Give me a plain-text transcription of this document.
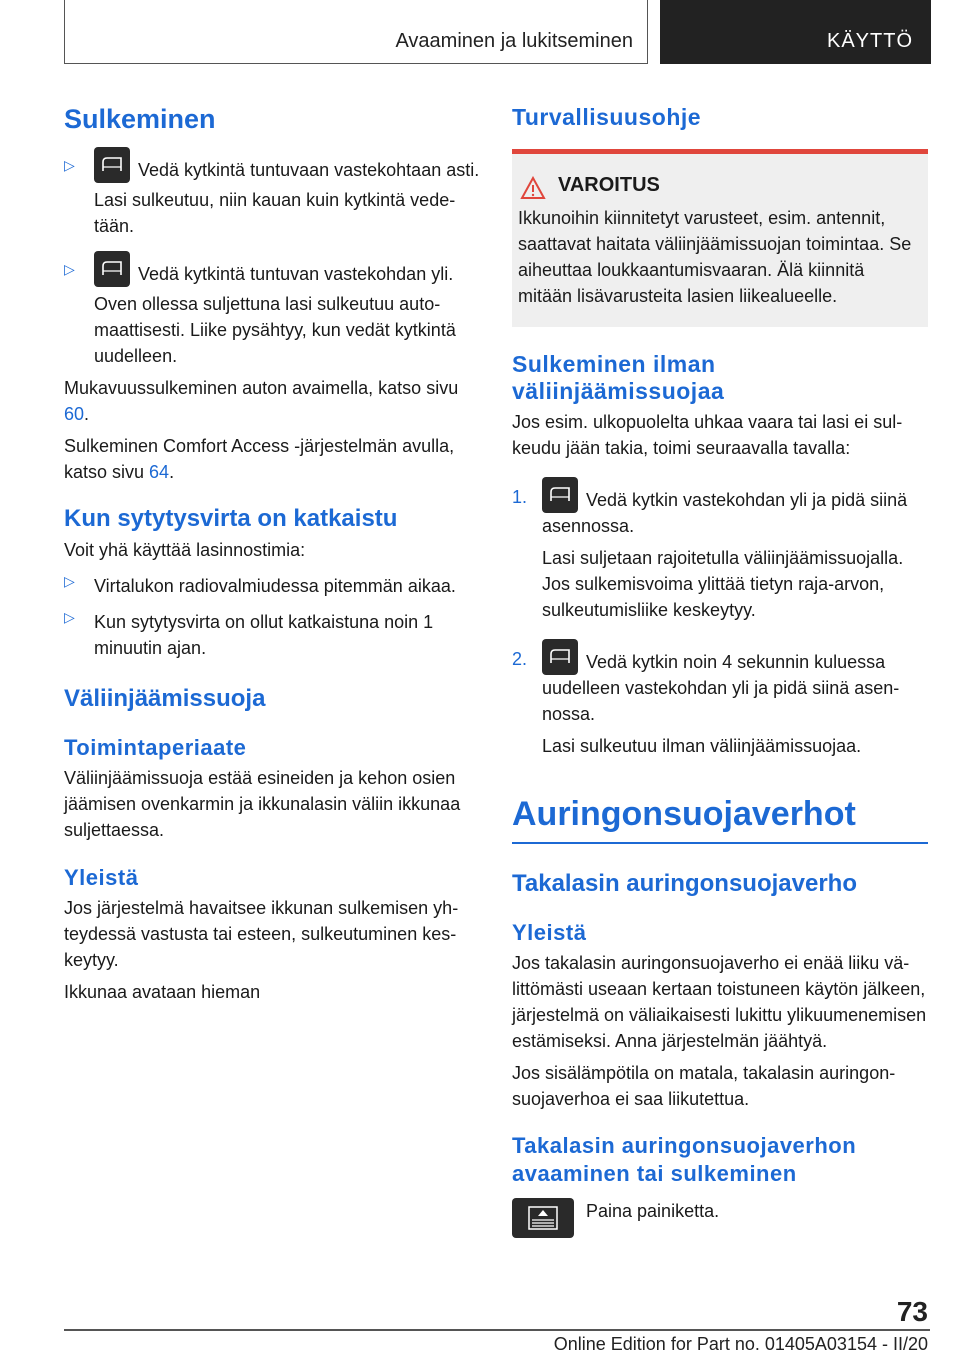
Avaaminen ja lukitseminen	KÄYTTÖ
Sulkeminen
▷	Vedä kytkintä tuntuvaan vastekohtaan asti.

Lasi sulkeutuu, niin kauan kuin kytkintä vedetään.

▷	Vedä kytkintä tuntuvan vastekohdan yli.

Oven ollessa suljettuna lasi sulkeutuu automaattisesti. Liike pysähtyy, kun vedät kytkintä uudelleen.

Mukavuussulkeminen auton avaimella, katso sivu 60.

Sulkeminen Comfort Access -järjestelmän avulla, katso sivu 64.

Kun sytytysvirta on katkaistu

Voit yhä käyttää lasinnostimia:

▷ Virtalukon radiovalmiudessa pitemmän aikaa.

▷ Kun sytytysvirta on ollut katkaistuna noin 1 minuutin ajan.

Väliinjäämissuoja
Toimintaperiaate

Väliinjäämissuoja estää esineiden ja kehon osien jäämisen ovenkarmin ja ikkunalasin väliin ikkunaa suljettaessa.

Yleistä

Jos järjestelmä havaitsee ikkunan sulkemisen yhteydessä vastusta tai esteen, sulkeutuminen keskeytyy.

Ikkunaa avataan hieman

Turvallisuusohje
VAROITUS

Ikkunoihin kiinnitetyt varusteet, esim. antennit, saattavat haitata väliinjäämissuojan toimintaa. Se aiheuttaa loukkaantumisvaaran. Älä kiinnitä mitään lisävarusteita lasien liikealueelle.

Sulkeminen ilman väliinjäämissuojaa

Jos esim. ulkopuolelta uhkaa vaara tai lasi ei sulkeudu jään takia, toimi seuraavalla tavalla:

1.	Vedä kytkin vastekohdan yli ja pidä siinä asennossa.

Lasi suljetaan rajoitetulla väliinjäämissuojalla. Jos sulkemisvoima ylittää tietyn raja-arvon, sulkeutumisliike keskeytyy.

2.	Vedä kytkin noin 4 sekunnin kuluessa uudelleen vastekohdan yli ja pidä siinä asennossa.

Lasi sulkeutuu ilman väliinjäämissuojaa.

Auringonsuojaverhot
Takalasin auringonsuojaverho
Yleistä

Jos takalasin auringonsuojaverho ei enää liiku välittömästi useaan kertaan toistuneen käytön jälkeen, järjestelmä on väliaikaisesti lukittu ylikuumenemisen estämiseksi. Anna järjestelmän jäähtyä.

Jos sisälämpötila on matala, takalasin auringonsuojaverhoa ei saa liikutettua.

Takalasin auringonsuojaverhon avaaminen tai sulkeminen

Paina painiketta.

73
Online Edition for Part no. 01405A03154 - II/20
